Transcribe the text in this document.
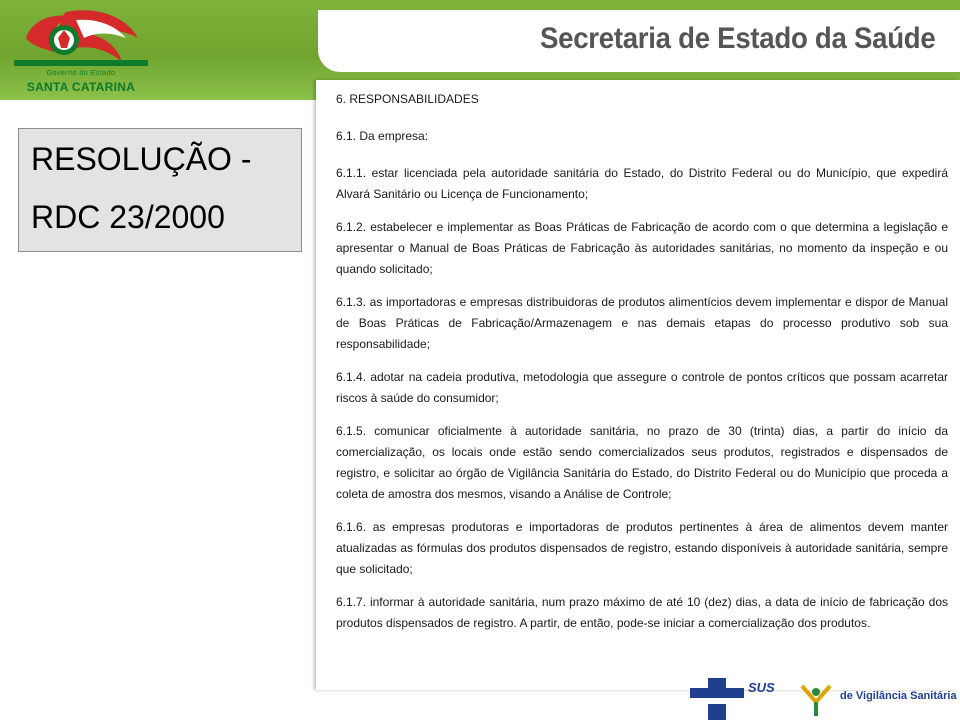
Governo do Estado
SANTA CATARINA
Secretaria de Estado da Saúde
RESOLUÇÃO -
RDC 23/2000

6. RESPONSABILIDADES

6.1. Da empresa:

6.1.1. estar licenciada pela autoridade sanitária do Estado, do Distrito Federal ou do Município, que expedirá Alvará Sanitário ou Licença de Funcionamento;

6.1.2. estabelecer e implementar as Boas Práticas de Fabricação de acordo com o que determina a legislação e apresentar o Manual de Boas Práticas de Fabricação às autoridades sanitárias, no momento da inspeção e ou quando solicitado;

6.1.3. as importadoras e empresas distribuidoras de produtos alimentícios devem implementar e dispor de Manual de Boas Práticas de Fabricação/Armazenagem e nas demais etapas do processo produtivo sob sua responsabilidade;

6.1.4. adotar na cadeia produtiva, metodologia que assegure o controle de pontos críticos que possam acarretar riscos à saúde do consumidor;

6.1.5. comunicar oficialmente à autoridade sanitária, no prazo de 30 (trinta) dias, a partir do início da comercialização, os locais onde estão sendo comercializados seus produtos, registrados e dispensados de registro, e solicitar ao órgão de Vigilância Sanitária do Estado, do Distrito Federal ou do Município que proceda a coleta de amostra dos mesmos, visando a Análise de Controle;

6.1.6. as empresas produtoras e importadoras de produtos pertinentes à área de alimentos devem manter atualizadas as fórmulas dos produtos dispensados de registro, estando disponíveis à autoridade sanitária, sempre que solicitado;

6.1.7. informar à autoridade sanitária, num prazo máximo de até 10 (dez) dias, a data de início de fabricação dos produtos dispensados de registro. A partir, de então, pode-se iniciar a comercialização dos produtos.

SUS
de Vigilância Sanitária
